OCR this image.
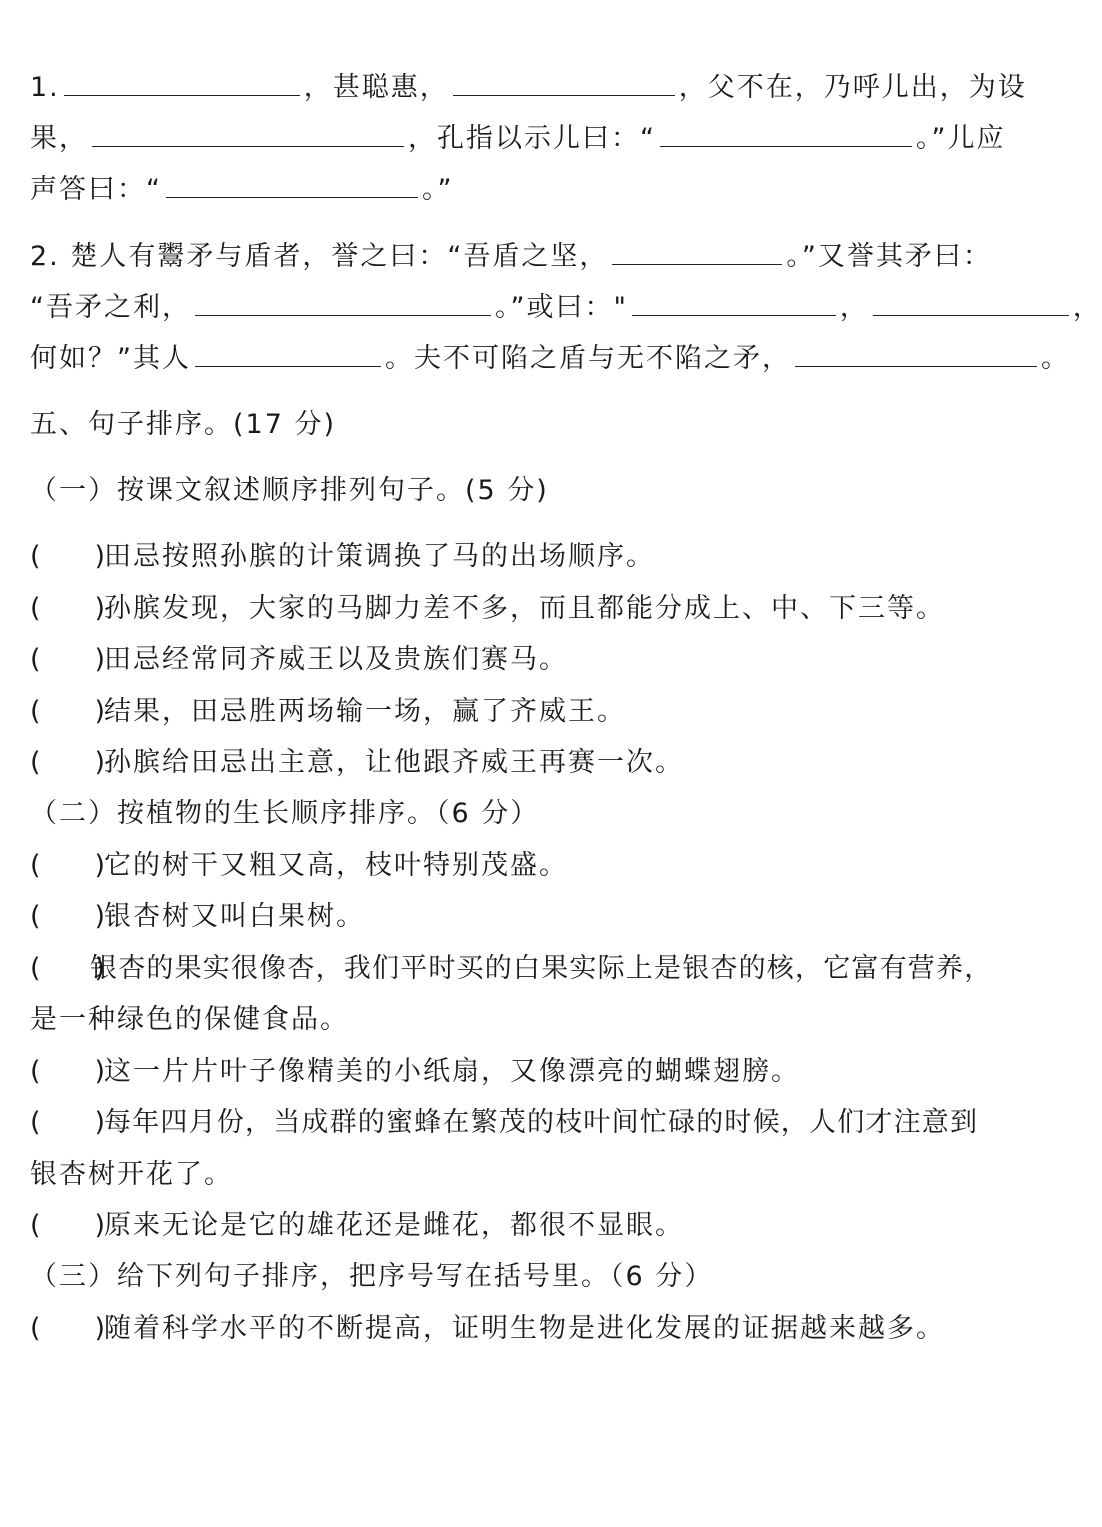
1.	，甚聪惠，	，父不在，乃呼儿出，为设
果，	，孔指以示儿曰：“	。”儿应
声答曰：“	。”
2. 楚人有鬻矛与盾者，誉之曰：“吾盾之坚，	。”又誉其矛曰：
“吾矛之利，	。”或曰："	，	，
何如？”其人	。夫不可陷之盾与无不陷之矛，	。
五、句子排序。(17 分)
（一）按课文叙述顺序排列句子。(5 分)
(　　)田忌按照孙膑的计策调换了马的出场顺序。
(　　)孙膑发现，大家的马脚力差不多，而且都能分成上、中、下三等。
(　　)田忌经常同齐威王以及贵族们赛马。
(　　)结果，田忌胜两场输一场，赢了齐威王。
(　　)孙膑给田忌出主意，让他跟齐威王再赛一次。
（二）按植物的生长顺序排序。（6 分）
(　　)它的树干又粗又高，枝叶特别茂盛。
(　　)银杏树又叫白果树。
(　　)银杏的果实很像杏，我们平时买的白果实际上是银杏的核，它富有营养，
是一种绿色的保健食品。
(　　)这一片片叶子像精美的小纸扇，又像漂亮的蝴蝶翅膀。
(　　)每年四月份，当成群的蜜蜂在繁茂的枝叶间忙碌的时候，人们才注意到
银杏树开花了。
(　　)原来无论是它的雄花还是雌花，都很不显眼。
（三）给下列句子排序，把序号写在括号里。（6 分）
(　　)随着科学水平的不断提高，证明生物是进化发展的证据越来越多。
